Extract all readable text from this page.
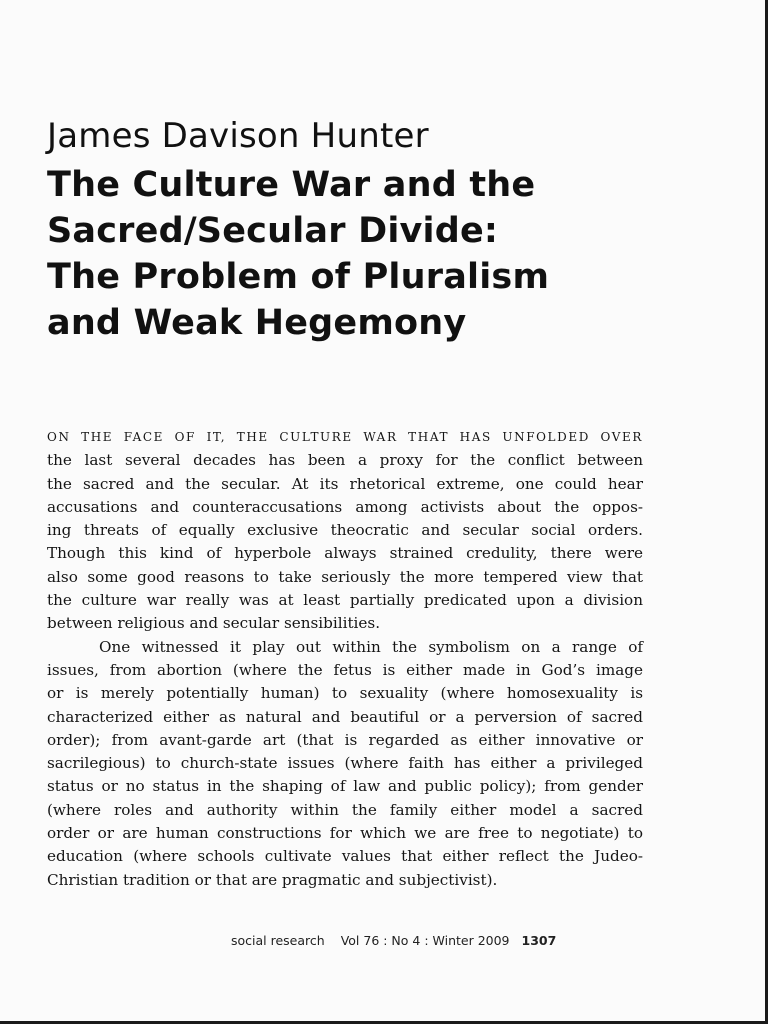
James Davison Hunter
The Culture War and the
Sacred/Secular Divide:
The Problem of Pluralism
and Weak Hegemony
ON THE FACE OF IT, THE CULTURE WAR THAT HAS UNFOLDED OVER
the last several decades has been a proxy for the conflict between
the sacred and the secular. At its rhetorical extreme, one could hear
accusations and counteraccusations among activists about the oppos-
ing threats of equally exclusive theocratic and secular social orders.
Though this kind of hyperbole always strained credulity, there were
also some good reasons to take seriously the more tempered view that
the culture war really was at least partially predicated upon a division
between religious and secular sensibilities.
One witnessed it play out within the symbolism on a range of
issues, from abortion (where the fetus is either made in God’s image
or is merely potentially human) to sexuality (where homosexuality is
characterized either as natural and beautiful or a perversion of sacred
order); from avant-garde art (that is regarded as either innovative or
sacrilegious) to church-state issues (where faith has either a privileged
status or no status in the shaping of law and public policy); from gender
(where roles and authority within the family either model a sacred
order or are human constructions for which we are free to negotiate) to
education (where schools cultivate values that either reflect the Judeo-
Christian tradition or that are pragmatic and subjectivist).
social research Vol 76 : No 4 : Winter 2009 1307
